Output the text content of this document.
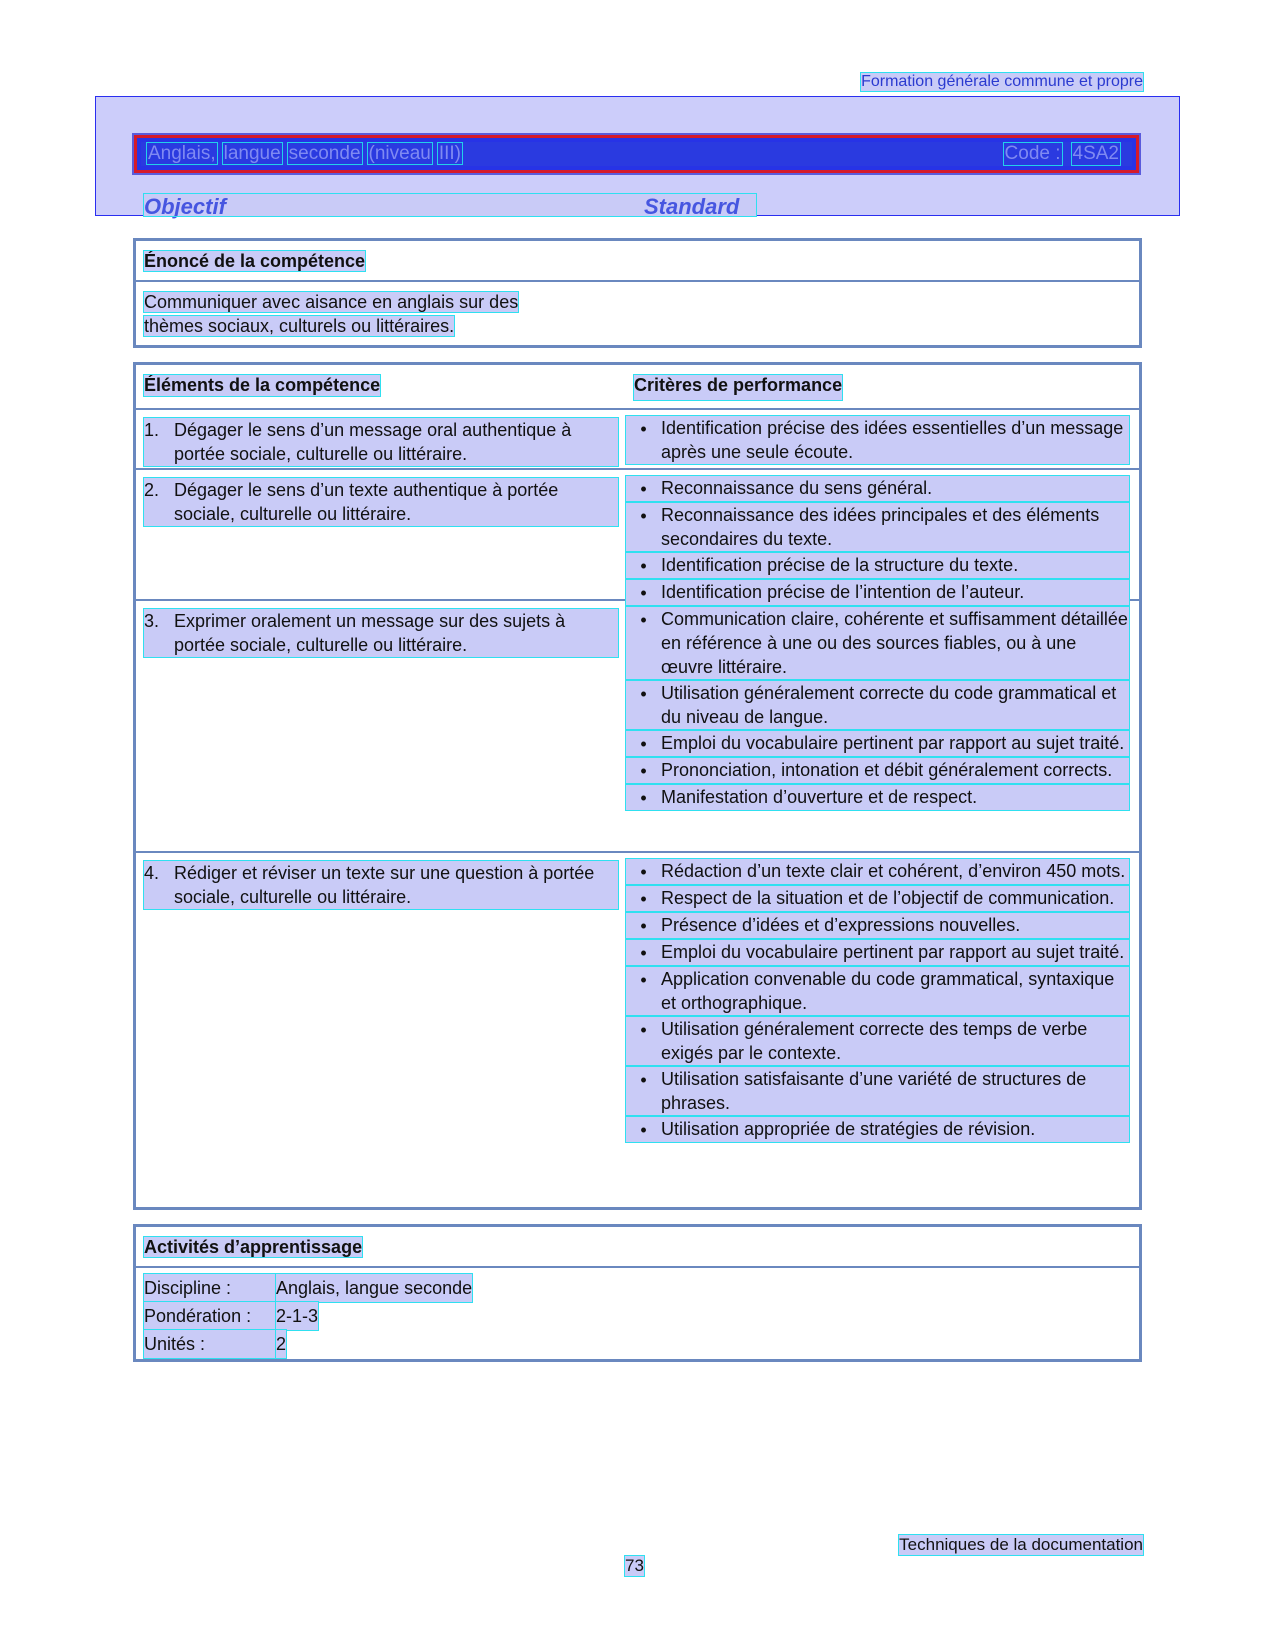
Formation générale commune et propre
Anglais, langue seconde (niveau III)	Code : 4SA2
Objectif	Standard
Énoncé de la compétence
Communiquer avec aisance en anglais sur des
thèmes sociaux, culturels ou littéraires.
Éléments de la compétence	Critères de performance
1. Dégager le sens d’un message oral authentique à portée sociale, culturelle ou littéraire.
• Identification précise des idées essentielles d’un message après une seule écoute.
2. Dégager le sens d’un texte authentique à portée sociale, culturelle ou littéraire.
• Reconnaissance du sens général.
• Reconnaissance des idées principales et des éléments secondaires du texte.
• Identification précise de la structure du texte.
• Identification précise de l’intention de l’auteur.
3. Exprimer oralement un message sur des sujets à portée sociale, culturelle ou littéraire.
• Communication claire, cohérente et suffisamment détaillée en référence à une ou des sources fiables, ou à une œuvre littéraire.
• Utilisation généralement correcte du code grammatical et du niveau de langue.
• Emploi du vocabulaire pertinent par rapport au sujet traité.
• Prononciation, intonation et débit généralement corrects.
• Manifestation d’ouverture et de respect.
4. Rédiger et réviser un texte sur une question à portée sociale, culturelle ou littéraire.
• Rédaction d’un texte clair et cohérent, d’environ 450 mots.
• Respect de la situation et de l’objectif de communication.
• Présence d’idées et d’expressions nouvelles.
• Emploi du vocabulaire pertinent par rapport au sujet traité.
• Application convenable du code grammatical, syntaxique et orthographique.
• Utilisation généralement correcte des temps de verbe exigés par le contexte.
• Utilisation satisfaisante d’une variété de structures de phrases.
• Utilisation appropriée de stratégies de révision.
Activités d’apprentissage
Discipline :	Anglais, langue seconde
Pondération :	2-1-3
Unités :	2
Techniques de la documentation
73
